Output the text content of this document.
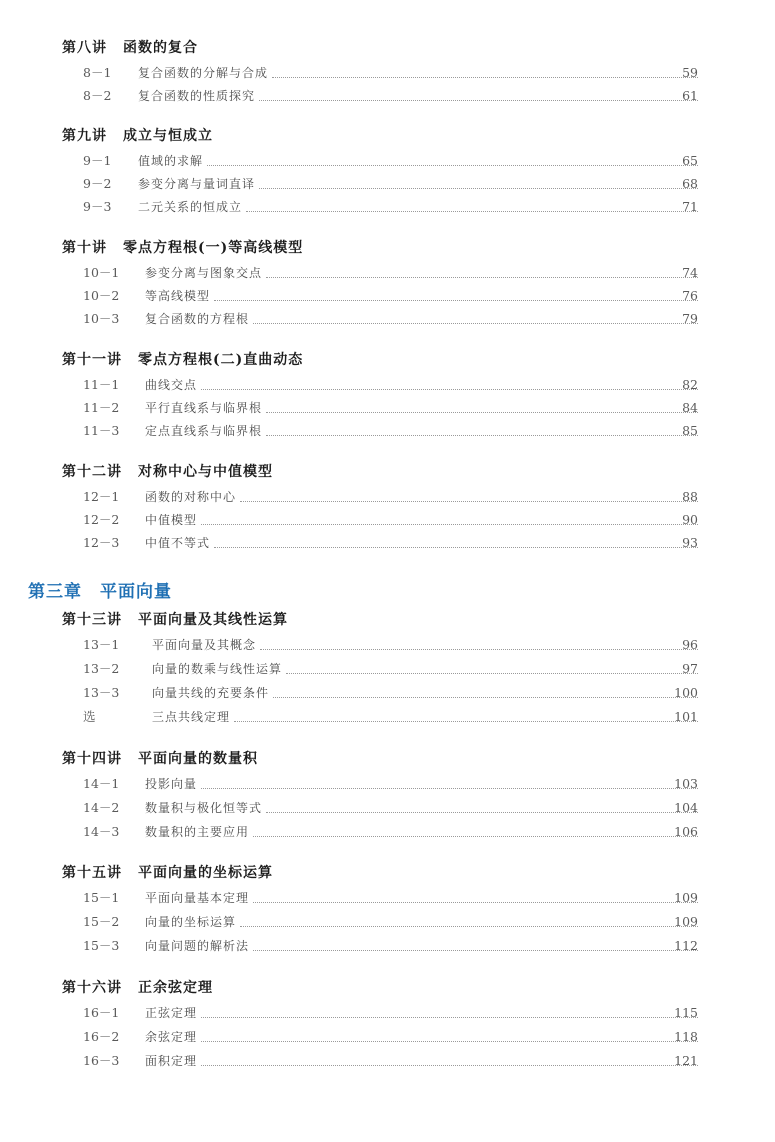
第八讲 函数的复合
8－1 复合函数的分解与合成	59
8－2 复合函数的性质探究	61
第九讲 成立与恒成立
9－1 值域的求解	65
9－2 参变分离与量词直译	68
9－3 二元关系的恒成立	71
第十讲 零点方程根(一)等高线模型
10－1 参变分离与图象交点	74
10－2 等高线模型	76
10－3 复合函数的方程根	79
第十一讲 零点方程根(二)直曲动态
11－1 曲线交点	82
11－2 平行直线系与临界根	84
11－3 定点直线系与临界根	85
第十二讲 对称中心与中值模型
12－1 函数的对称中心	88
12－2 中值模型	90
12－3 中值不等式	93
第三章 平面向量
第十三讲 平面向量及其线性运算
13－1	平面向量及其概念	96
13－2	向量的数乘与线性运算	97
13－3	向量共线的充要条件	100
选	三点共线定理	101
第十四讲 平面向量的数量积
14－1 投影向量	103
14－2 数量积与极化恒等式	104
14－3 数量积的主要应用	106
第十五讲 平面向量的坐标运算
15－1 平面向量基本定理	109
15－2 向量的坐标运算	109
15－3 向量问题的解析法	112
第十六讲 正余弦定理
16－1 正弦定理	115
16－2 余弦定理	118
16－3 面积定理	121
